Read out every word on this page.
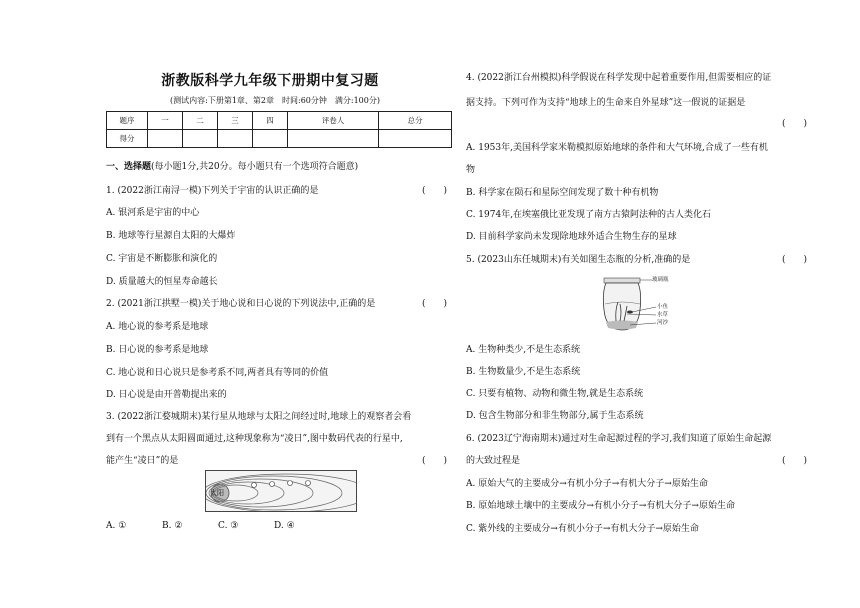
浙教版科学九年级下册期中复习题
(测试内容:下册第1章、第2章　时间:60分钟　满分:100分)
题序	一	二	三	四	评卷人	总分
得分						
一、选择题(每小题1分,共20分。每小题只有一个选项符合题意)
1. (2022浙江南浔一模)下列关于宇宙的认识正确的是	(　　)
A. 银河系是宇宙的中心
B. 地球等行星源自太阳的大爆炸
C. 宇宙是不断膨胀和演化的
D. 质量越大的恒星寿命越长
2. (2021浙江拱墅一模)关于地心说和日心说的下列说法中,正确的是	(　　)
A. 地心说的参考系是地球
B. 日心说的参考系是地球
C. 地心说和日心说只是参考系不同,两者具有等同的价值
D. 日心说是由开普勒提出来的
3. (2022浙江婺城期末)某行星从地球与太阳之间经过时,地球上的观察者会看
到有一个黑点从太阳圆面通过,这种现象称为“凌日”,图中数码代表的行星中,
能产生“凌日”的是	(　　)
太阳
A. ①	B. ②	C. ③	D. ④
4. (2022浙江台州模拟)科学假说在科学发现中起着重要作用,但需要相应的证
据支持。下列可作为支持“地球上的生命来自外星球”这一假说的证据是
(　　)
A. 1953年,美国科学家米勒模拟原始地球的条件和大气环境,合成了一些有机
物
B. 科学家在陨石和星际空间发现了数十种有机物
C. 1974年,在埃塞俄比亚发现了南方古猿阿法种的古人类化石
D. 目前科学家尚未发现除地球外适合生物生存的星球
5. (2023山东任城期末)有关如图生态瓶的分析,准确的是	(　　)
玻璃瓶
小鱼
水草
河沙
A. 生物种类少,不是生态系统
B. 生物数量少,不是生态系统
C. 只要有植物、动物和微生物,就是生态系统
D. 包含生物部分和非生物部分,属于生态系统
6. (2023辽宁海南期末)通过对生命起源过程的学习,我们知道了原始生命起源
的大致过程是	(　　)
A. 原始大气的主要成分→有机小分子→有机大分子→原始生命
B. 原始地球土壤中的主要成分→有机小分子→有机大分子→原始生命
C. 紫外线的主要成分→有机小分子→有机大分子→原始生命
